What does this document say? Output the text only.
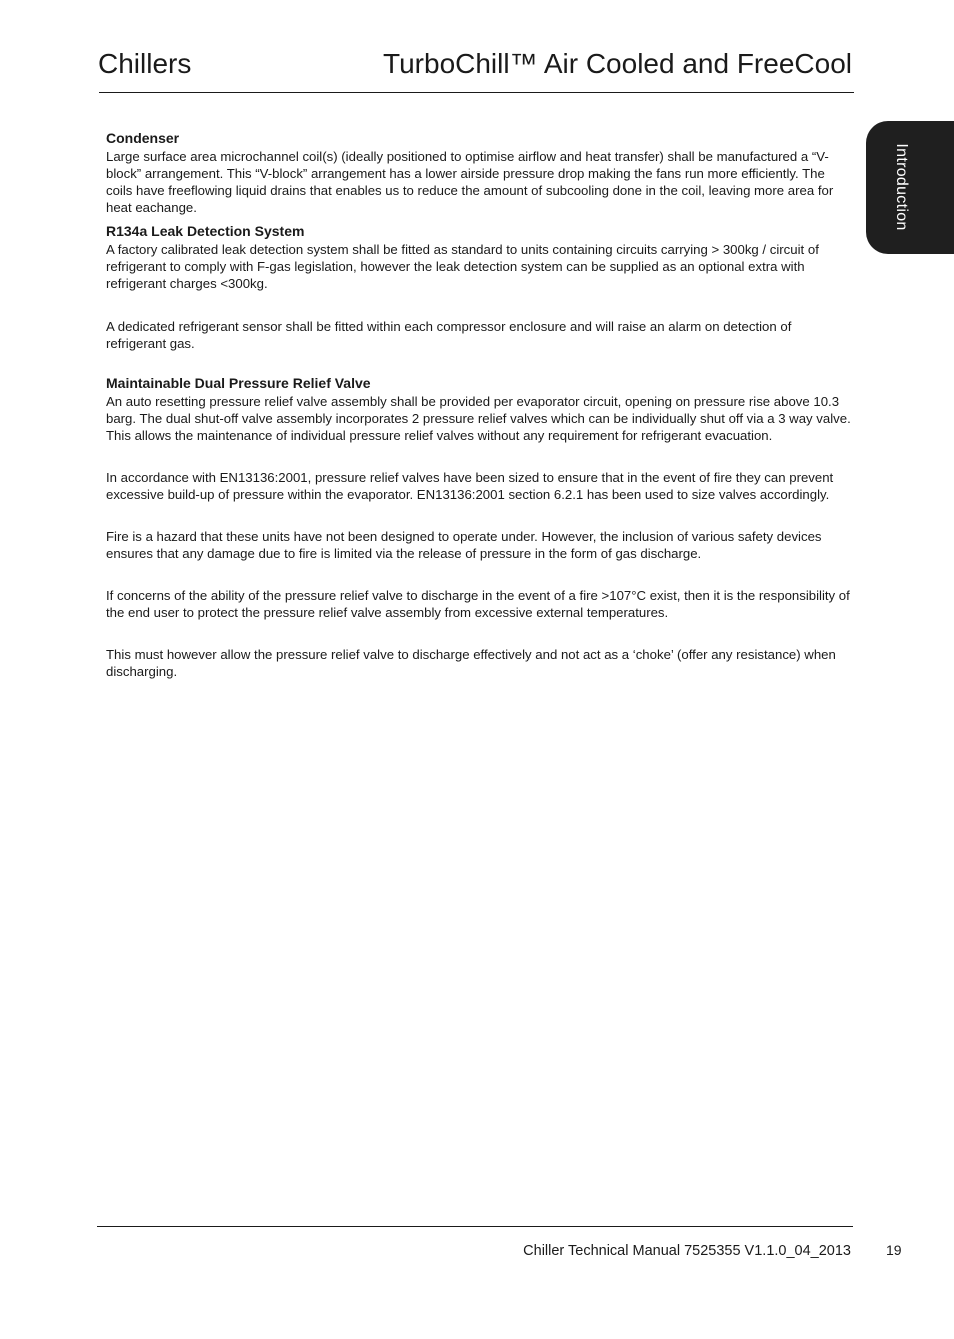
Chillers	TurboChill™ Air Cooled and FreeCool
Introduction
Condenser

Large surface area microchannel coil(s) (ideally positioned to optimise airflow and heat transfer) shall be manufactured a “V-block” arrangement. This “V-block” arrangement has a lower airside pressure drop making the fans run more efficiently. The coils have freeflowing liquid drains that enables us to reduce the amount of subcooling done in the coil, leaving more area for heat eachange.

R134a Leak Detection System

A factory calibrated leak detection system shall be fitted as standard to units containing circuits carrying > 300kg / circuit of refrigerant to comply with F-gas legislation, however the leak detection system can be supplied as an optional extra with refrigerant charges <300kg.

A dedicated refrigerant sensor shall be fitted within each compressor enclosure and will raise an alarm on detection of refrigerant gas.

Maintainable Dual Pressure Relief Valve

An auto resetting pressure relief valve assembly shall be provided per evaporator circuit, opening on pressure rise above 10.3 barg. The dual shut-off valve assembly incorporates 2 pressure relief valves which can be individually shut off via a 3 way valve. This allows the maintenance of individual pressure relief valves without any requirement for refrigerant evacuation.

In accordance with EN13136:2001, pressure relief valves have been sized to ensure that in the event of fire they can prevent excessive build-up of pressure within the evaporator. EN13136:2001 section 6.2.1 has been used to size valves accordingly.

Fire is a hazard that these units have not been designed to operate under. However, the inclusion of various safety devices ensures that any damage due to fire is limited via the release of pressure in the form of gas discharge.

If concerns of the ability of the pressure relief valve to discharge in the event of a fire >107°C exist, then it is the responsibility of the end user to protect the pressure relief valve assembly from excessive external temperatures.

This must however allow the pressure relief valve to discharge effectively and not act as a ‘choke’ (offer any resistance) when discharging.

Chiller Technical Manual 7525355 V1.1.0_04_2013	19
